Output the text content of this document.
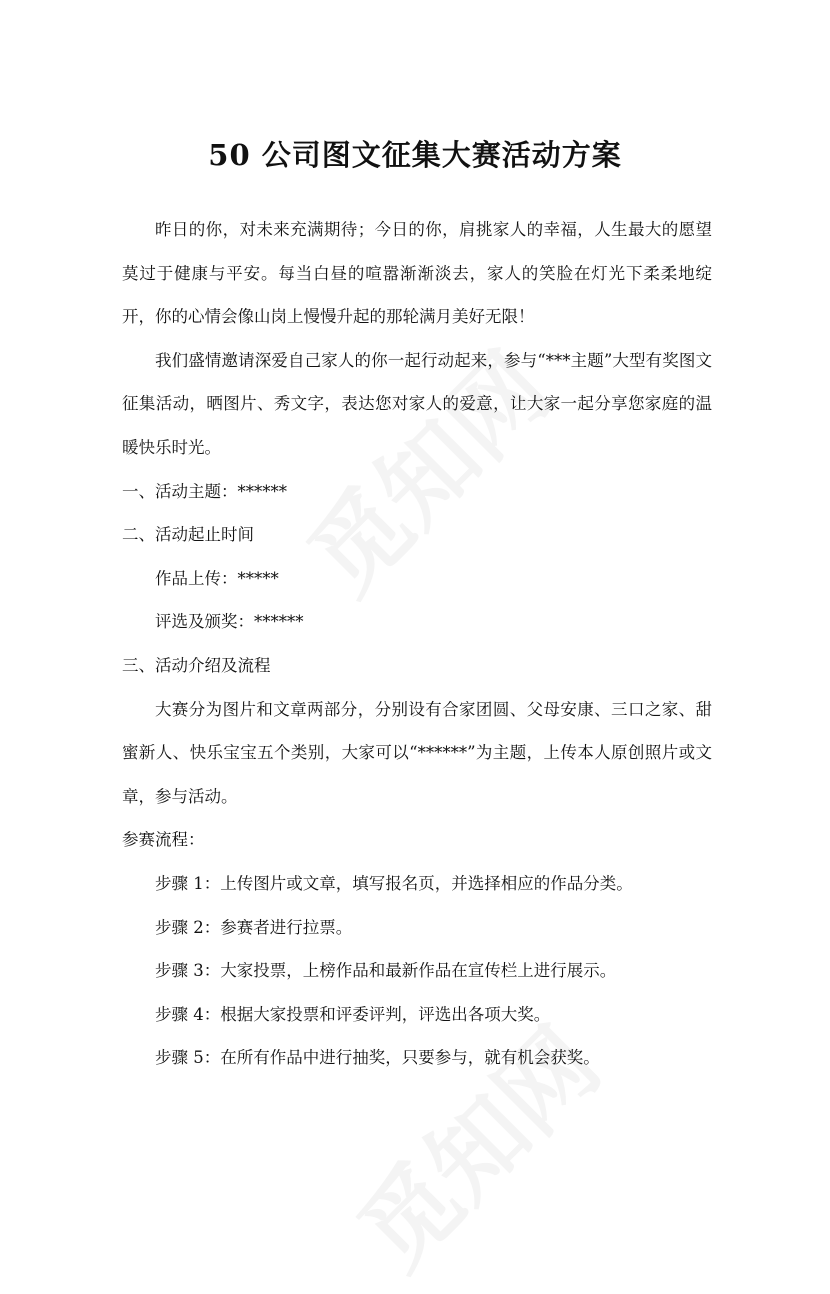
50 公司图文征集大赛活动方案

昨日的你，对未来充满期待；今日的你，肩挑家人的幸福，人生最大的愿望莫过于健康与平安。每当白昼的喧嚣渐渐淡去，家人的笑脸在灯光下柔柔地绽开，你的心情会像山岗上慢慢升起的那轮满月美好无限！

我们盛情邀请深爱自己家人的你一起行动起来，参与“***主题”大型有奖图文征集活动，晒图片、秀文字，表达您对家人的爱意，让大家一起分享您家庭的温暖快乐时光。

一、活动主题：******

二、活动起止时间

作品上传：*****

评选及颁奖：******

三、活动介绍及流程

大赛分为图片和文章两部分，分别设有合家团圆、父母安康、三口之家、甜蜜新人、快乐宝宝五个类别，大家可以“******”为主题，上传本人原创照片或文章，参与活动。

参赛流程：

步骤 1：上传图片或文章，填写报名页，并选择相应的作品分类。

步骤 2：参赛者进行拉票。

步骤 3：大家投票，上榜作品和最新作品在宣传栏上进行展示。

步骤 4：根据大家投票和评委评判，评选出各项大奖。

步骤 5：在所有作品中进行抽奖，只要参与，就有机会获奖。
